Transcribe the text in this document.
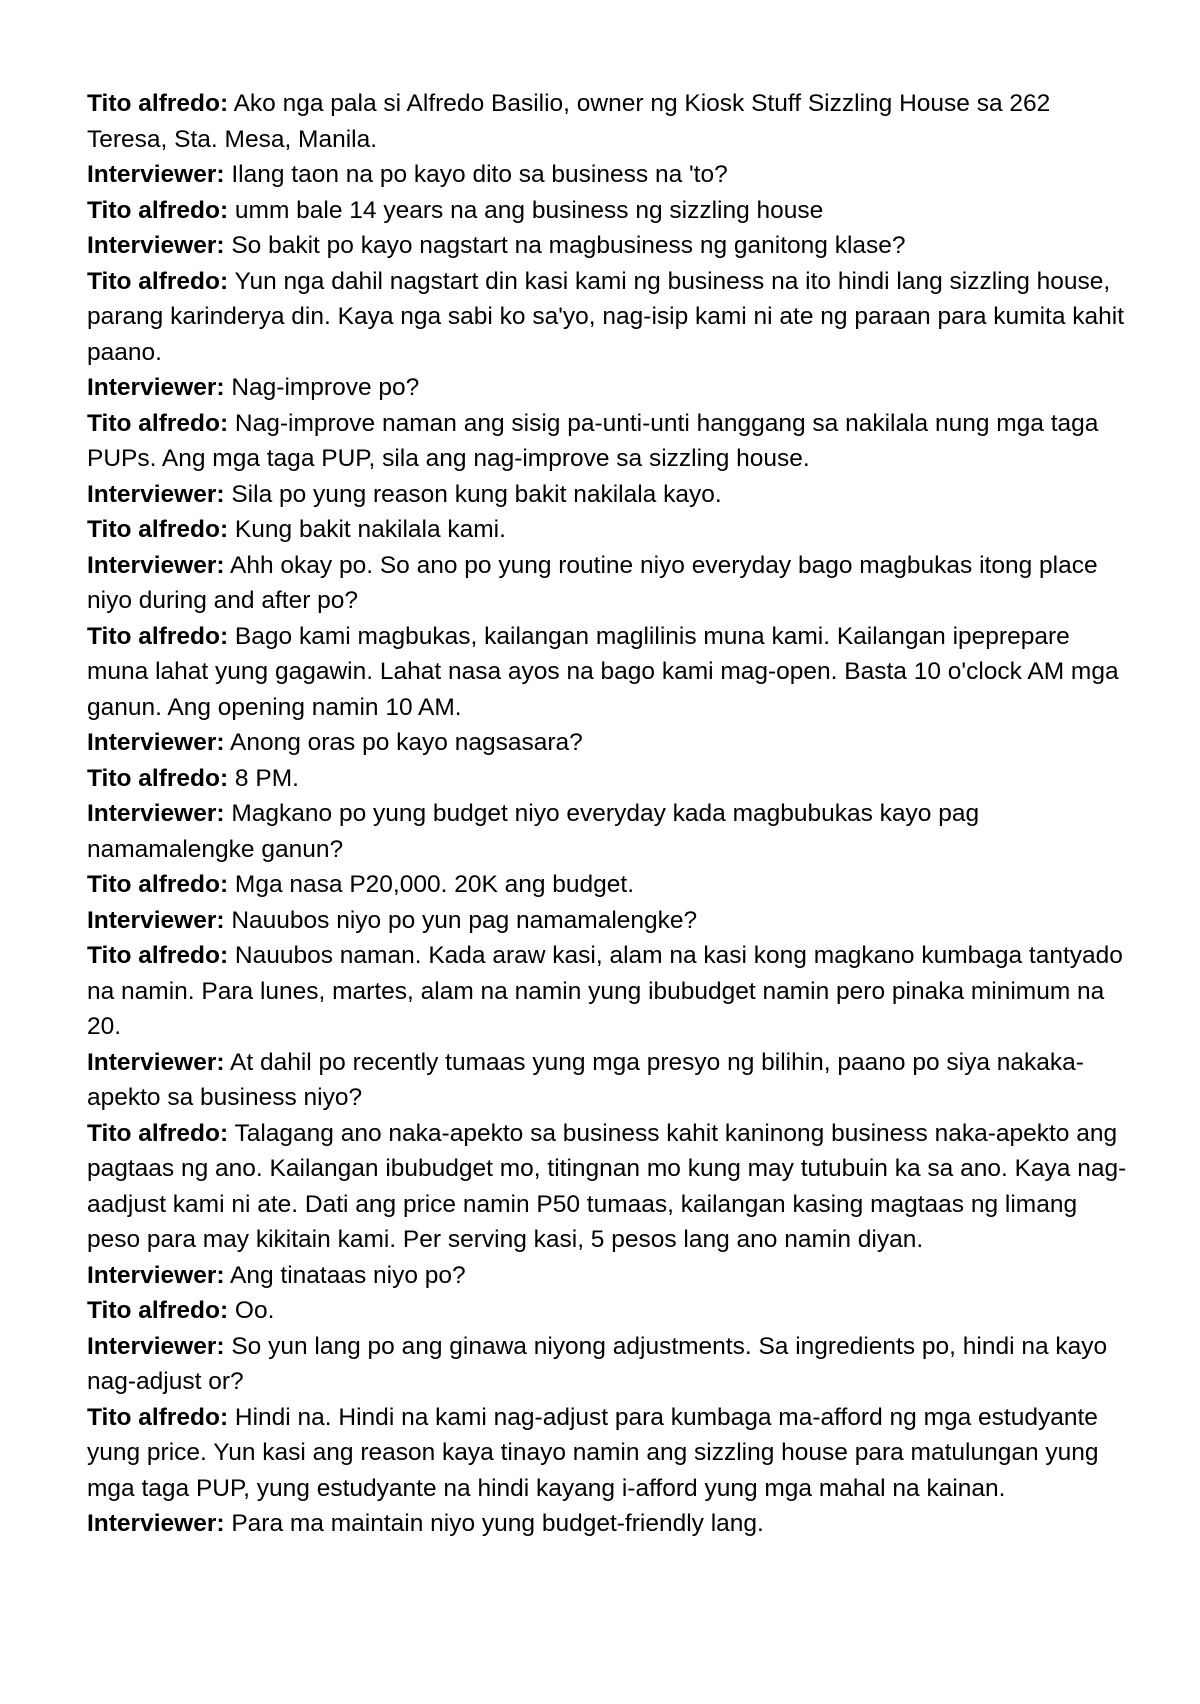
Tito alfredo: Ako nga pala si Alfredo Basilio, owner ng Kiosk Stuff Sizzling House sa 262 Teresa, Sta. Mesa, Manila.

Interviewer: Ilang taon na po kayo dito sa business na 'to?

Tito alfredo: umm bale 14 years na ang business ng sizzling house

Interviewer: So bakit po kayo nagstart na magbusiness ng ganitong klase?

Tito alfredo: Yun nga dahil nagstart din kasi kami ng business na ito hindi lang sizzling house, parang karinderya din. Kaya nga sabi ko sa'yo, nag-isip kami ni ate ng paraan para kumita kahit paano.

Interviewer: Nag-improve po?

Tito alfredo: Nag-improve naman ang sisig pa-unti-unti hanggang sa nakilala nung mga taga PUPs. Ang mga taga PUP, sila ang nag-improve sa sizzling house.

Interviewer: Sila po yung reason kung bakit nakilala kayo.

Tito alfredo: Kung bakit nakilala kami.

Interviewer: Ahh okay po. So ano po yung routine niyo everyday bago magbukas itong place niyo during and after po?

Tito alfredo: Bago kami magbukas, kailangan maglilinis muna kami. Kailangan ipeprepare muna lahat yung gagawin. Lahat nasa ayos na bago kami mag-open. Basta 10 o'clock AM mga ganun. Ang opening namin 10 AM.

Interviewer: Anong oras po kayo nagsasara?

Tito alfredo: 8 PM.

Interviewer: Magkano po yung budget niyo everyday kada magbubukas kayo pag namamalengke ganun?

Tito alfredo: Mga nasa P20,000. 20K ang budget.

Interviewer: Nauubos niyo po yun pag namamalengke?

Tito alfredo: Nauubos naman. Kada araw kasi, alam na kasi kong magkano kumbaga tantyado na namin. Para lunes, martes, alam na namin yung ibubudget namin pero pinaka minimum na 20.

Interviewer: At dahil po recently tumaas yung mga presyo ng bilihin, paano po siya nakaka-apekto sa business niyo?

Tito alfredo: Talagang ano naka-apekto sa business kahit kaninong business naka-apekto ang pagtaas ng ano. Kailangan ibubudget mo, titingnan mo kung may tutubuin ka sa ano. Kaya nag-aadjust kami ni ate. Dati ang price namin P50 tumaas, kailangan kasing magtaas ng limang peso para may kikitain kami. Per serving kasi, 5 pesos lang ano namin diyan.

Interviewer: Ang tinataas niyo po?

Tito alfredo: Oo.

Interviewer: So yun lang po ang ginawa niyong adjustments. Sa ingredients po, hindi na kayo nag-adjust or?

Tito alfredo: Hindi na. Hindi na kami nag-adjust para kumbaga ma-afford ng mga estudyante yung price. Yun kasi ang reason kaya tinayo namin ang sizzling house para matulungan yung mga taga PUP, yung estudyante na hindi kayang i-afford yung mga mahal na kainan.

Interviewer: Para ma maintain niyo yung budget-friendly lang.
